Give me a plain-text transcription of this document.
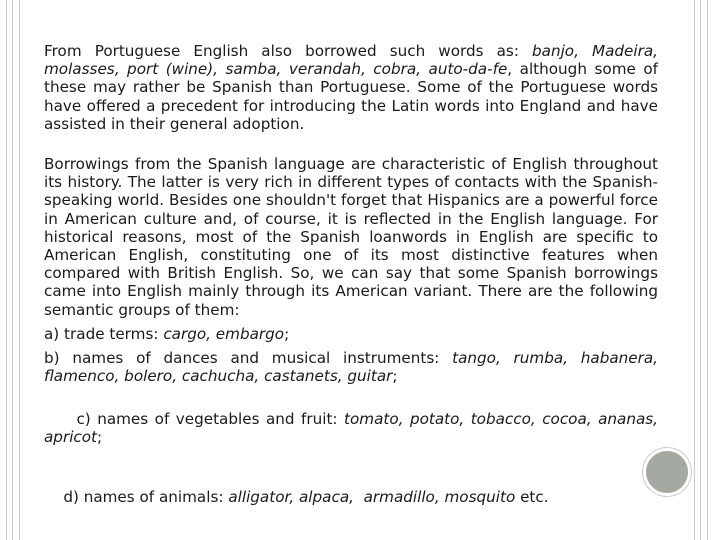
From Portuguese English also borrowed such words as: banjo, Madeira, molasses, port (wine), samba, verandah, cobra, auto-da-fe, although some of these may rather be Spanish than Portuguese. Some of the Portuguese words have offered a precedent for introducing the Latin words into England and have assisted in their general adoption.

Borrowings from the Spanish language are characteristic of English throughout its history. The latter is very rich in different types of contacts with the Spanish-speaking world. Besides one shouldn't forget that Hispanics are a powerful force in American culture and, of course, it is reflected in the English language. For historical reasons, most of the Spanish loanwords in English are specific to American English, constituting one of its most distinctive features when compared with British English. So, we can say that some Spanish borrowings came into English mainly through its American variant. There are the following semantic groups of them:

a) trade terms: cargo, embargo;

b) names of dances and musical instruments: tango, rumba, habanera, flamenco, bolero, cachucha, castanets, guitar;

c) names of vegetables and fruit: tomato, potato, tobacco, cocoa, ananas, apricot;

d) names of animals: alligator, alpaca,  armadillo, mosquito etc.
